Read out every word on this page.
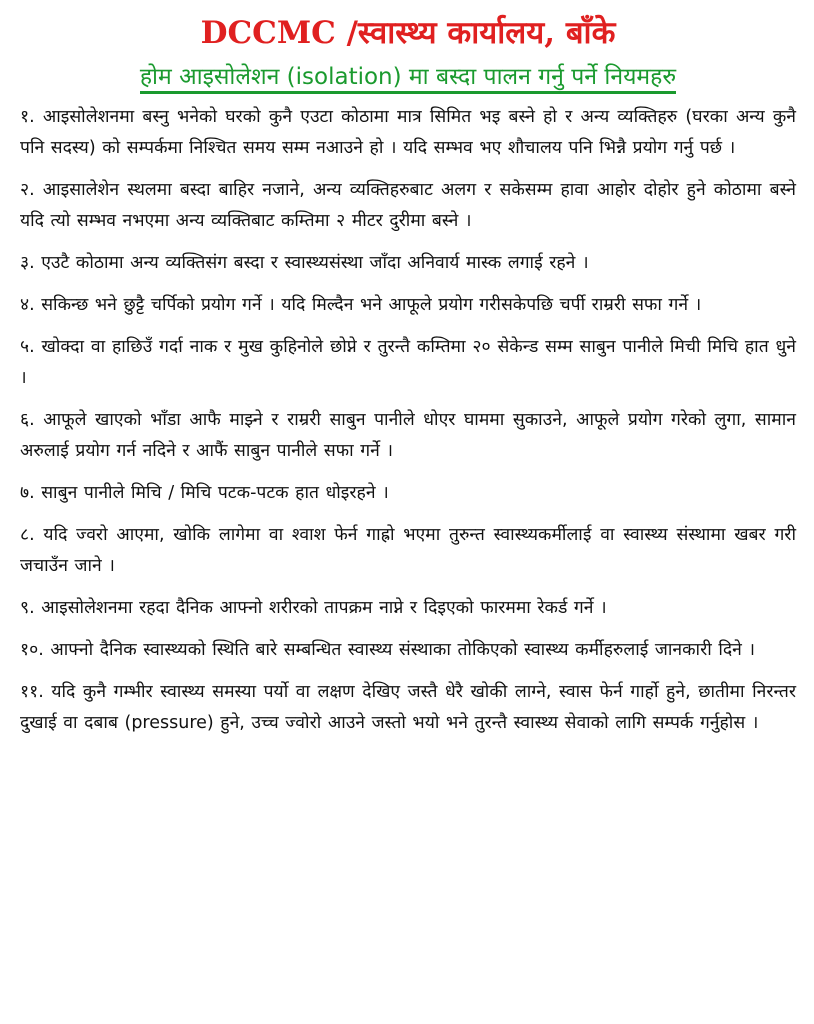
DCCMC /स्वास्थ्य कार्यालय, बाँके
होम आइसोलेशन (isolation) मा बस्दा पालन गर्नु पर्ने नियमहरु
१. आइसोलेशनमा बस्नु भनेको घरको कुनै एउटा कोठामा मात्र सिमित भइ बस्ने हो र अन्य व्यक्तिहरु (घरका अन्य कुनै पनि सदस्य) को सम्पर्कमा निश्चित समय सम्म नआउने हो । यदि सम्भव भए शौचालय पनि भिन्नै प्रयोग गर्नु पर्छ ।
२. आइसालेशेन स्थलमा बस्दा बाहिर नजाने, अन्य व्यक्तिहरुबाट अलग र सकेसम्म हावा आहोर दोहोर हुने कोठामा बस्ने यदि त्यो सम्भव नभएमा अन्य व्यक्तिबाट कम्तिमा २ मीटर दुरीमा बस्ने ।
३. एउटै कोठामा अन्य व्यक्तिसंग बस्दा र स्वास्थ्यसंस्था जाँदा अनिवार्य मास्क लगाई रहने ।
४. सकिन्छ भने छुट्टै चर्पिको प्रयोग गर्ने । यदि मिल्दैन भने आफूले प्रयोग गरीसकेपछि चर्पी राम्ररी सफा गर्ने ।
५. खोक्दा वा हाछिउँ गर्दा नाक र मुख कुहिनोले छोप्ने र तुरन्तै कम्तिमा २० सेकेन्ड सम्म साबुन पानीले मिची मिचि हात धुने ।
६. आफूले खाएको भाँडा आफै माझ्ने र राम्ररी साबुन पानीले धोएर घाममा सुकाउने, आफूले प्रयोग गरेको लुगा, सामान अरुलाई प्रयोग गर्न नदिने र आफैं साबुन पानीले सफा गर्ने ।
७. साबुन पानीले मिचि / मिचि पटक-पटक हात धोइरहने ।
८. यदि ज्वरो आएमा, खोकि लागेमा वा श्वाश फेर्न गाह्रो भएमा तुरुन्त स्वास्थ्यकर्मीलाई वा स्वास्थ्य संस्थामा खबर गरी जचाउँन जाने ।
९. आइसोलेशनमा रहदा दैनिक आफ्नो शरीरको तापक्रम नाप्ने र दिइएको फारममा रेकर्ड गर्ने ।
१०. आफ्नो दैनिक स्वास्थ्यको स्थिति बारे सम्बन्धित स्वास्थ्य संस्थाका तोकिएको स्वास्थ्य कर्मीहरुलाई जानकारी दिने ।
११. यदि कुनै गम्भीर स्वास्थ्य समस्या पर्यो वा लक्षण देखिए जस्तै धेरै खोकी लाग्ने, स्वास फेर्न गार्हो हुने, छातीमा निरन्तर दुखाई वा दबाब (pressure) हुने, उच्च ज्वोरो आउने जस्तो भयो भने तुरन्तै स्वास्थ्य सेवाको लागि सम्पर्क गर्नुहोस ।
